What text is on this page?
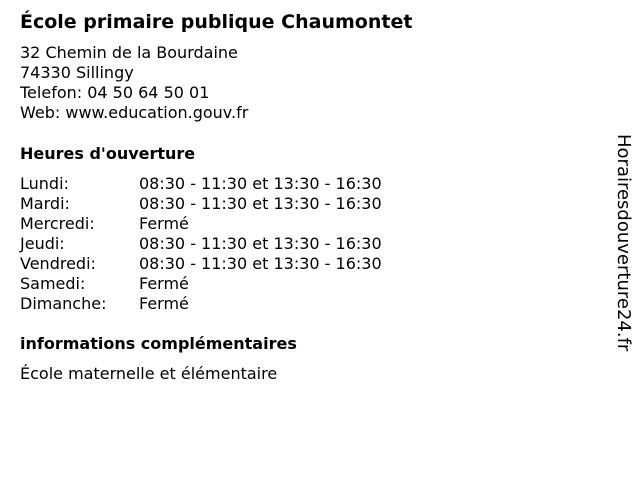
École primaire publique Chaumontet
32 Chemin de la Bourdaine
74330 Sillingy
Telefon: 04 50 64 50 01
Web: www.education.gouv.fr
Heures d'ouverture
Lundi:	08:30 - 11:30 et 13:30 - 16:30
Mardi:	08:30 - 11:30 et 13:30 - 16:30
Mercredi:	Fermé
Jeudi:	08:30 - 11:30 et 13:30 - 16:30
Vendredi:	08:30 - 11:30 et 13:30 - 16:30
Samedi:	Fermé
Dimanche: Fermé
informations complémentaires
École maternelle et élémentaire
Horairesdouverture24.fr
